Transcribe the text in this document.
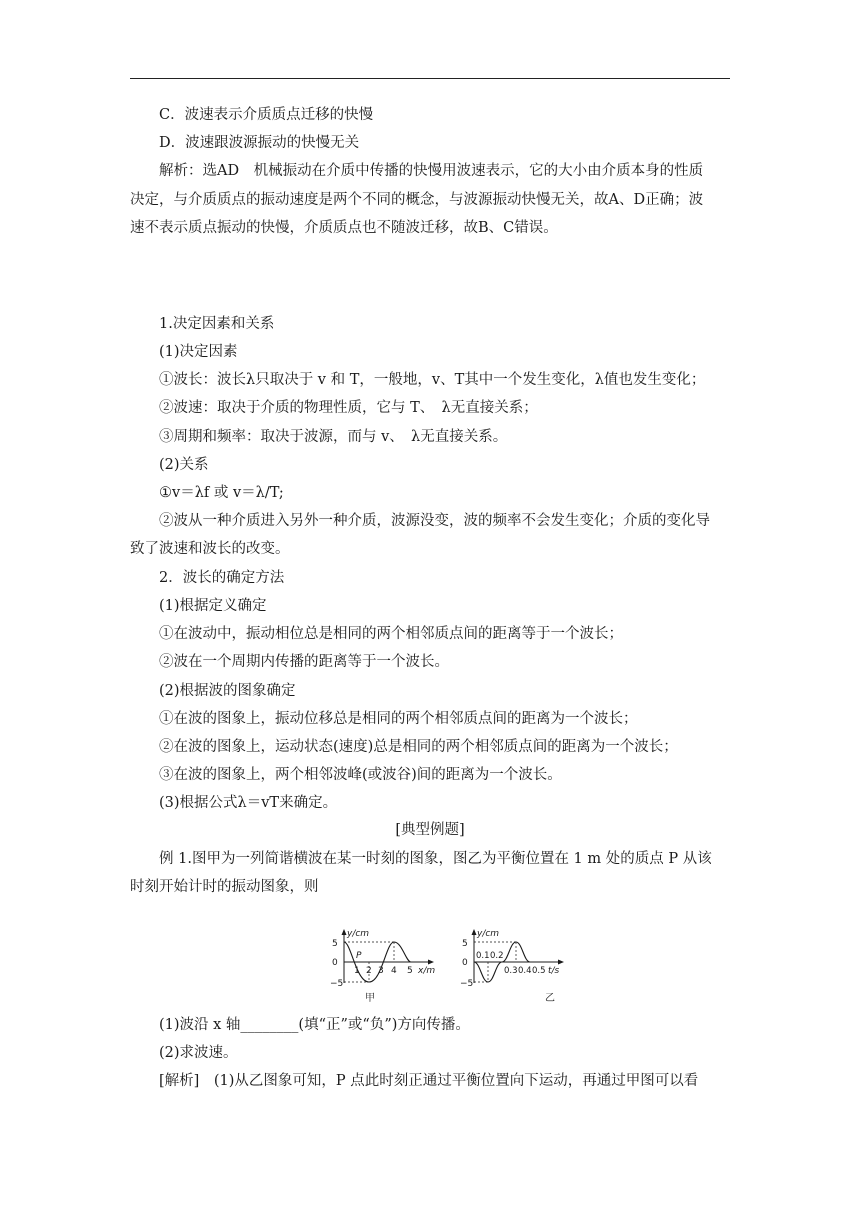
C．波速表示介质质点迁移的快慢
D．波速跟波源振动的快慢无关
解析：选AD　机械振动在介质中传播的快慢用波速表示，它的大小由介质本身的性质
决定，与介质质点的振动速度是两个不同的概念，与波源振动快慢无关，故A、D正确；波
速不表示质点振动的快慢，介质质点也不随波迁移，故B、C错误。
1.决定因素和关系
(1)决定因素
①波长：波长λ只取决于 v 和 T，一般地，v、T其中一个发生变化，λ值也发生变化；
②波速：取决于介质的物理性质，它与 T、　λ无直接关系；
③周期和频率：取决于波源，而与 v、　λ无直接关系。
(2)关系
①v＝λf 或 v＝λ/T;
②波从一种介质进入另外一种介质，波源没变，波的频率不会发生变化；介质的变化导
致了波速和波长的改变。
2．波长的确定方法
(1)根据定义确定
①在波动中，振动相位总是相同的两个相邻质点间的距离等于一个波长；
②波在一个周期内传播的距离等于一个波长。
(2)根据波的图象确定
①在波的图象上，振动位移总是相同的两个相邻质点间的距离为一个波长；
②在波的图象上，运动状态(速度)总是相同的两个相邻质点间的距离为一个波长；
③在波的图象上，两个相邻波峰(或波谷)间的距离为一个波长。
(3)根据公式λ＝vT来确定。
[典型例题]
例 1.图甲为一列简谐横波在某一时刻的图象，图乙为平衡位置在 1 m 处的质点 P 从该
时刻开始计时的振动图象，则
y/cm
5
0
−5
P
1 2 3 4 5 x/m
甲
y/cm
5
0
−5
0.1 0.2
0.3 0.4 0.5 t/s
乙
(1)波沿 x 轴________(填“正”或“负”)方向传播。
(2)求波速。
[解析]　(1)从乙图象可知，P 点此时刻正通过平衡位置向下运动，再通过甲图可以看
